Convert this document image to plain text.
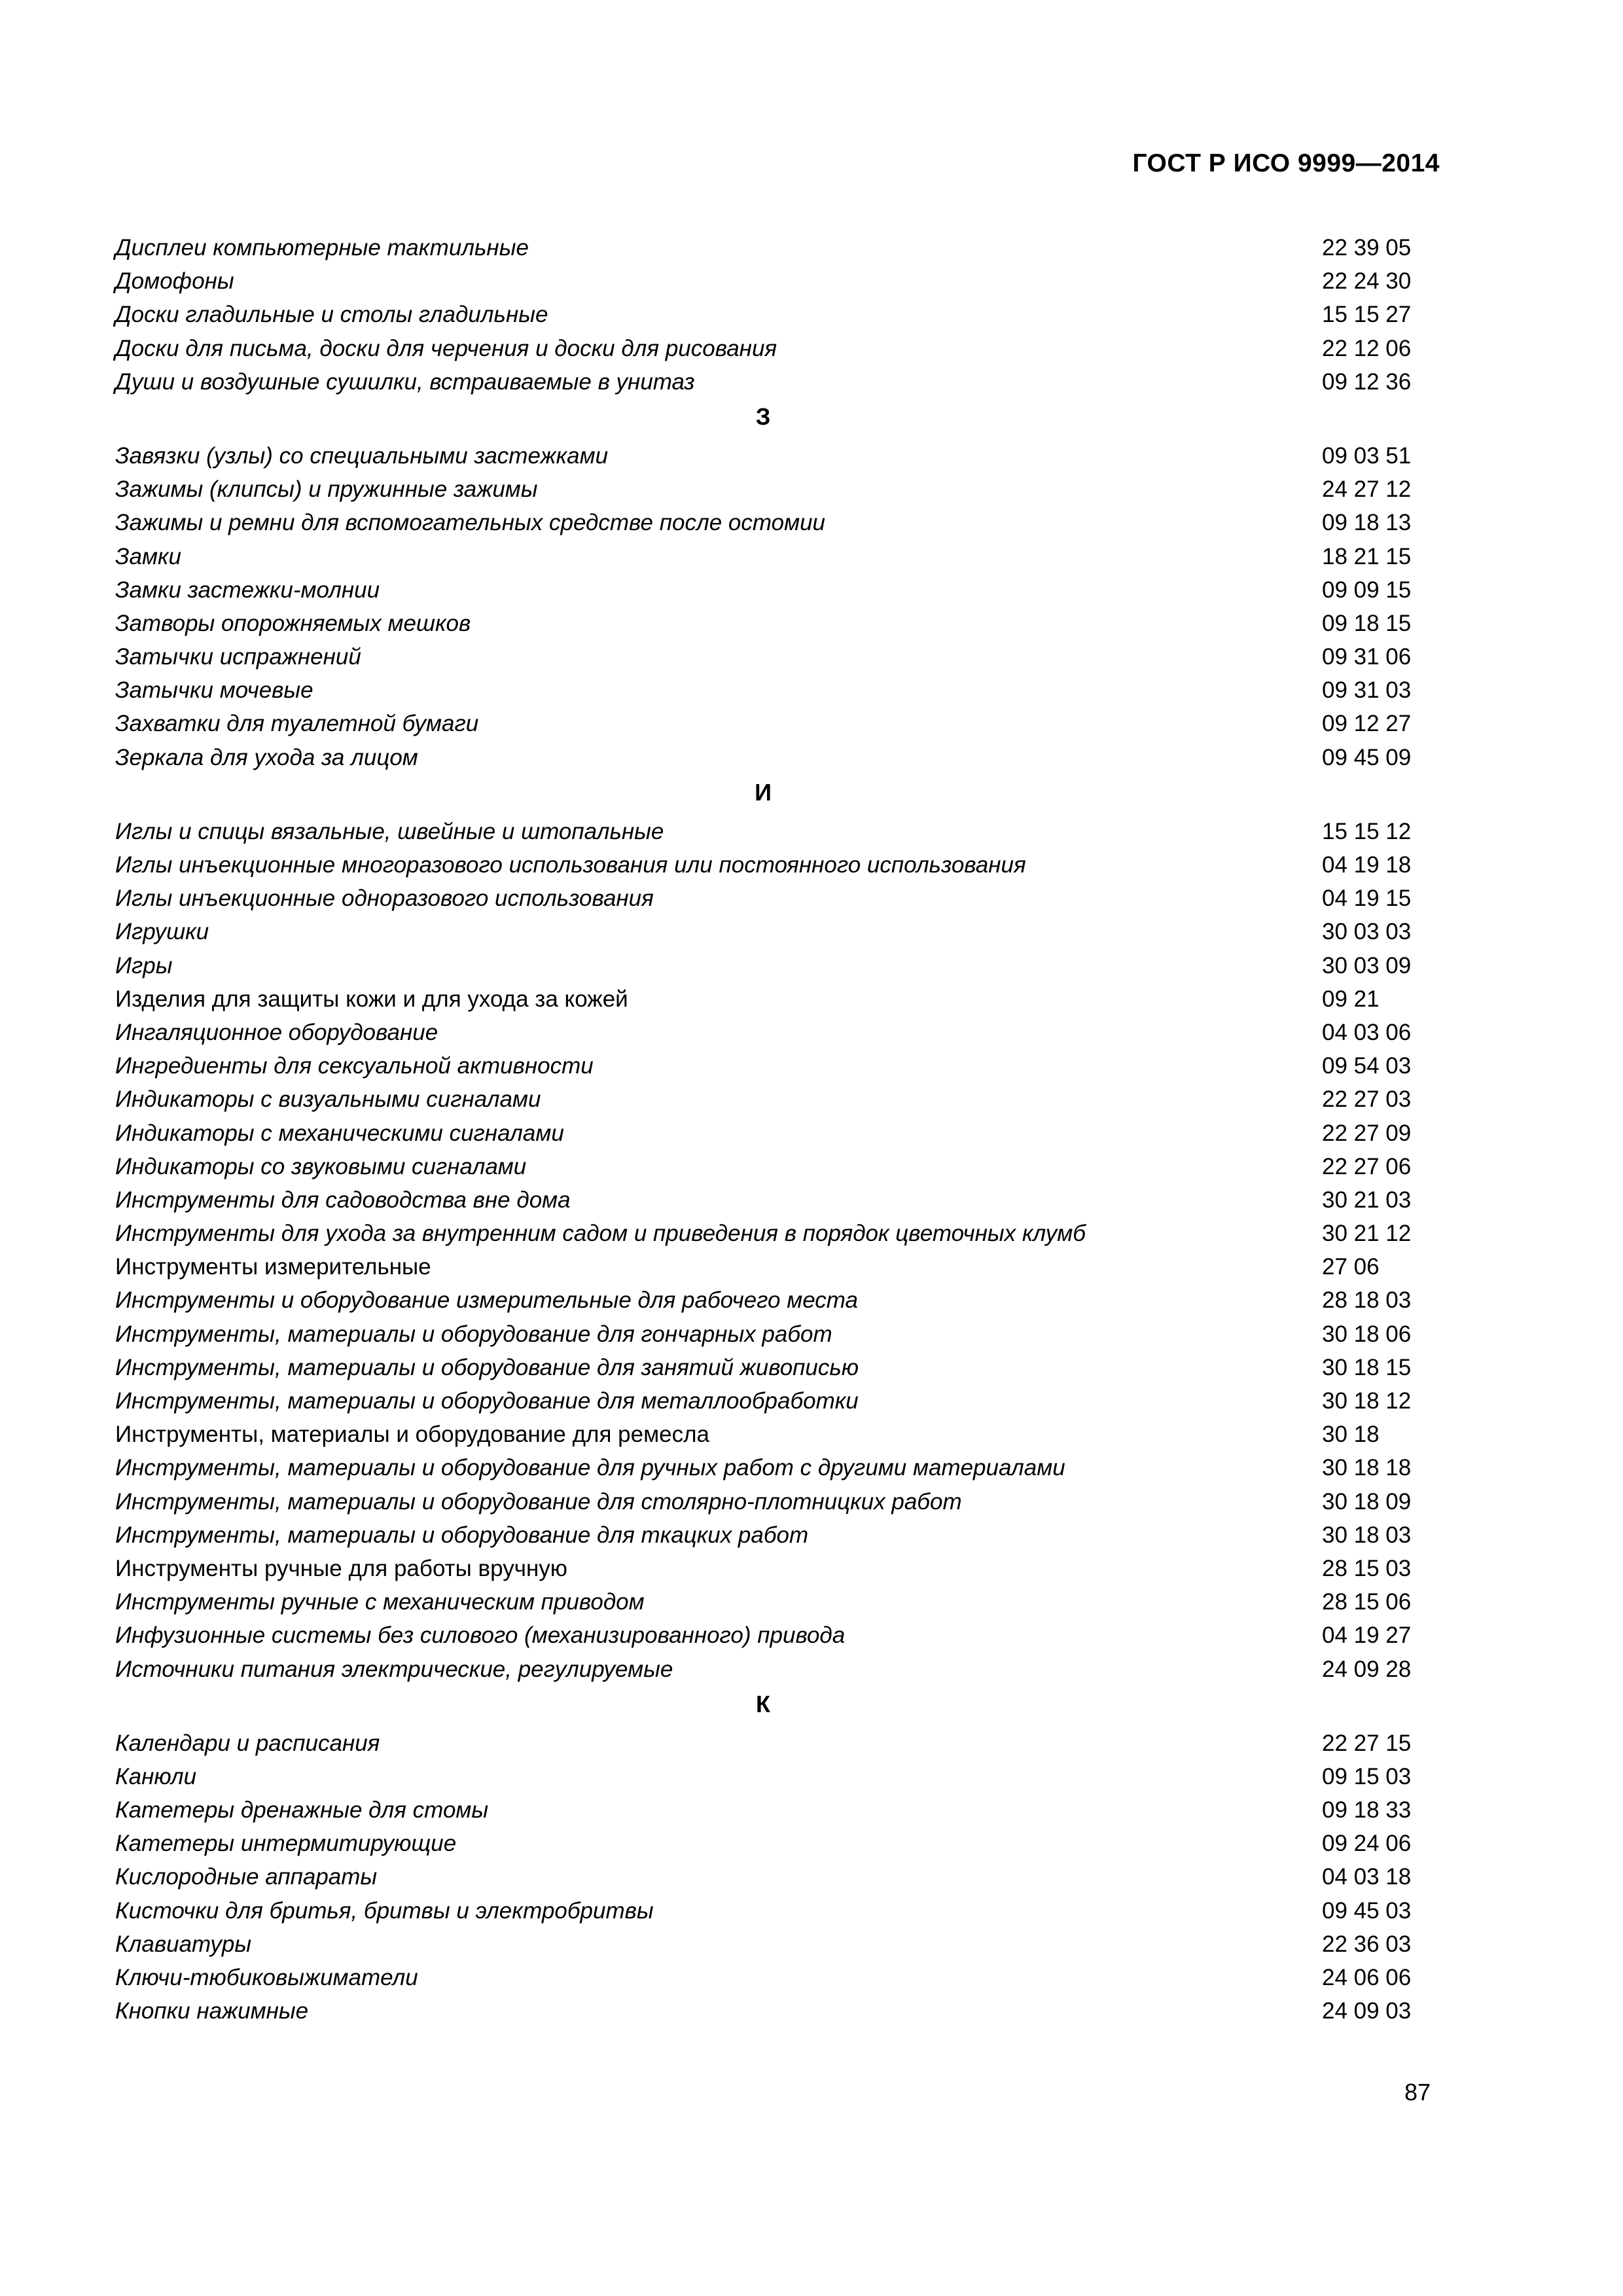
ГОСТ Р ИСО 9999—2014
Дисплеи компьютерные тактильные	22 39 05
Домофоны	22 24 30
Доски гладильные и столы гладильные	15 15 27
Доски для письма, доски для черчения и доски для рисования	22 12 06
Души и воздушные сушилки, встраиваемые в унитаз	09 12 36
З
Завязки (узлы) со специальными застежками	09 03 51
Зажимы (клипсы) и пружинные зажимы	24 27 12
Зажимы и ремни для вспомогательных средстве после остомии	09 18 13
Замки	18 21 15
Замки застежки-молнии	09 09 15
Затворы опорожняемых мешков	09 18 15
Затычки испражнений	09 31 06
Затычки мочевые	09 31 03
Захватки для туалетной бумаги	09 12 27
Зеркала для ухода за лицом	09 45 09
И
Иглы и спицы вязальные, швейные и штопальные	15 15 12
Иглы инъекционные многоразового использования или постоянного использования	04 19 18
Иглы инъекционные одноразового использования	04 19 15
Игрушки	30 03 03
Игры	30 03 09
Изделия для защиты кожи и для ухода за кожей	09 21
Ингаляционное оборудование	04 03 06
Ингредиенты для сексуальной активности	09 54 03
Индикаторы с визуальными сигналами	22 27 03
Индикаторы с механическими сигналами	22 27 09
Индикаторы со звуковыми сигналами	22 27 06
Инструменты для садоводства вне дома	30 21 03
Инструменты для ухода за внутренним садом и приведения в порядок цветочных клумб	30 21 12
Инструменты измерительные	27 06
Инструменты и оборудование измерительные для рабочего места	28 18 03
Инструменты, материалы и оборудование для гончарных работ	30 18 06
Инструменты, материалы и оборудование для занятий живописью	30 18 15
Инструменты, материалы и оборудование для металлообработки	30 18 12
Инструменты, материалы и оборудование для ремесла	30 18
Инструменты, материалы и оборудование для ручных работ с другими материалами	30 18 18
Инструменты, материалы и оборудование для столярно-плотницких работ	30 18 09
Инструменты, материалы и оборудование для ткацких работ	30 18 03
Инструменты ручные для работы вручную	28 15 03
Инструменты ручные с механическим приводом	28 15 06
Инфузионные системы без силового (механизированного) привода	04 19 27
Источники питания электрические, регулируемые	24 09 28
К
Календари и расписания	22 27 15
Канюли	09 15 03
Катетеры дренажные для стомы	09 18 33
Катетеры интермитирующие	09 24 06
Кислородные аппараты	04 03 18
Кисточки для бритья, бритвы и электробритвы	09 45 03
Клавиатуры	22 36 03
Ключи-тюбиковыжиматели	24 06 06
Кнопки нажимные	24 09 03
87
